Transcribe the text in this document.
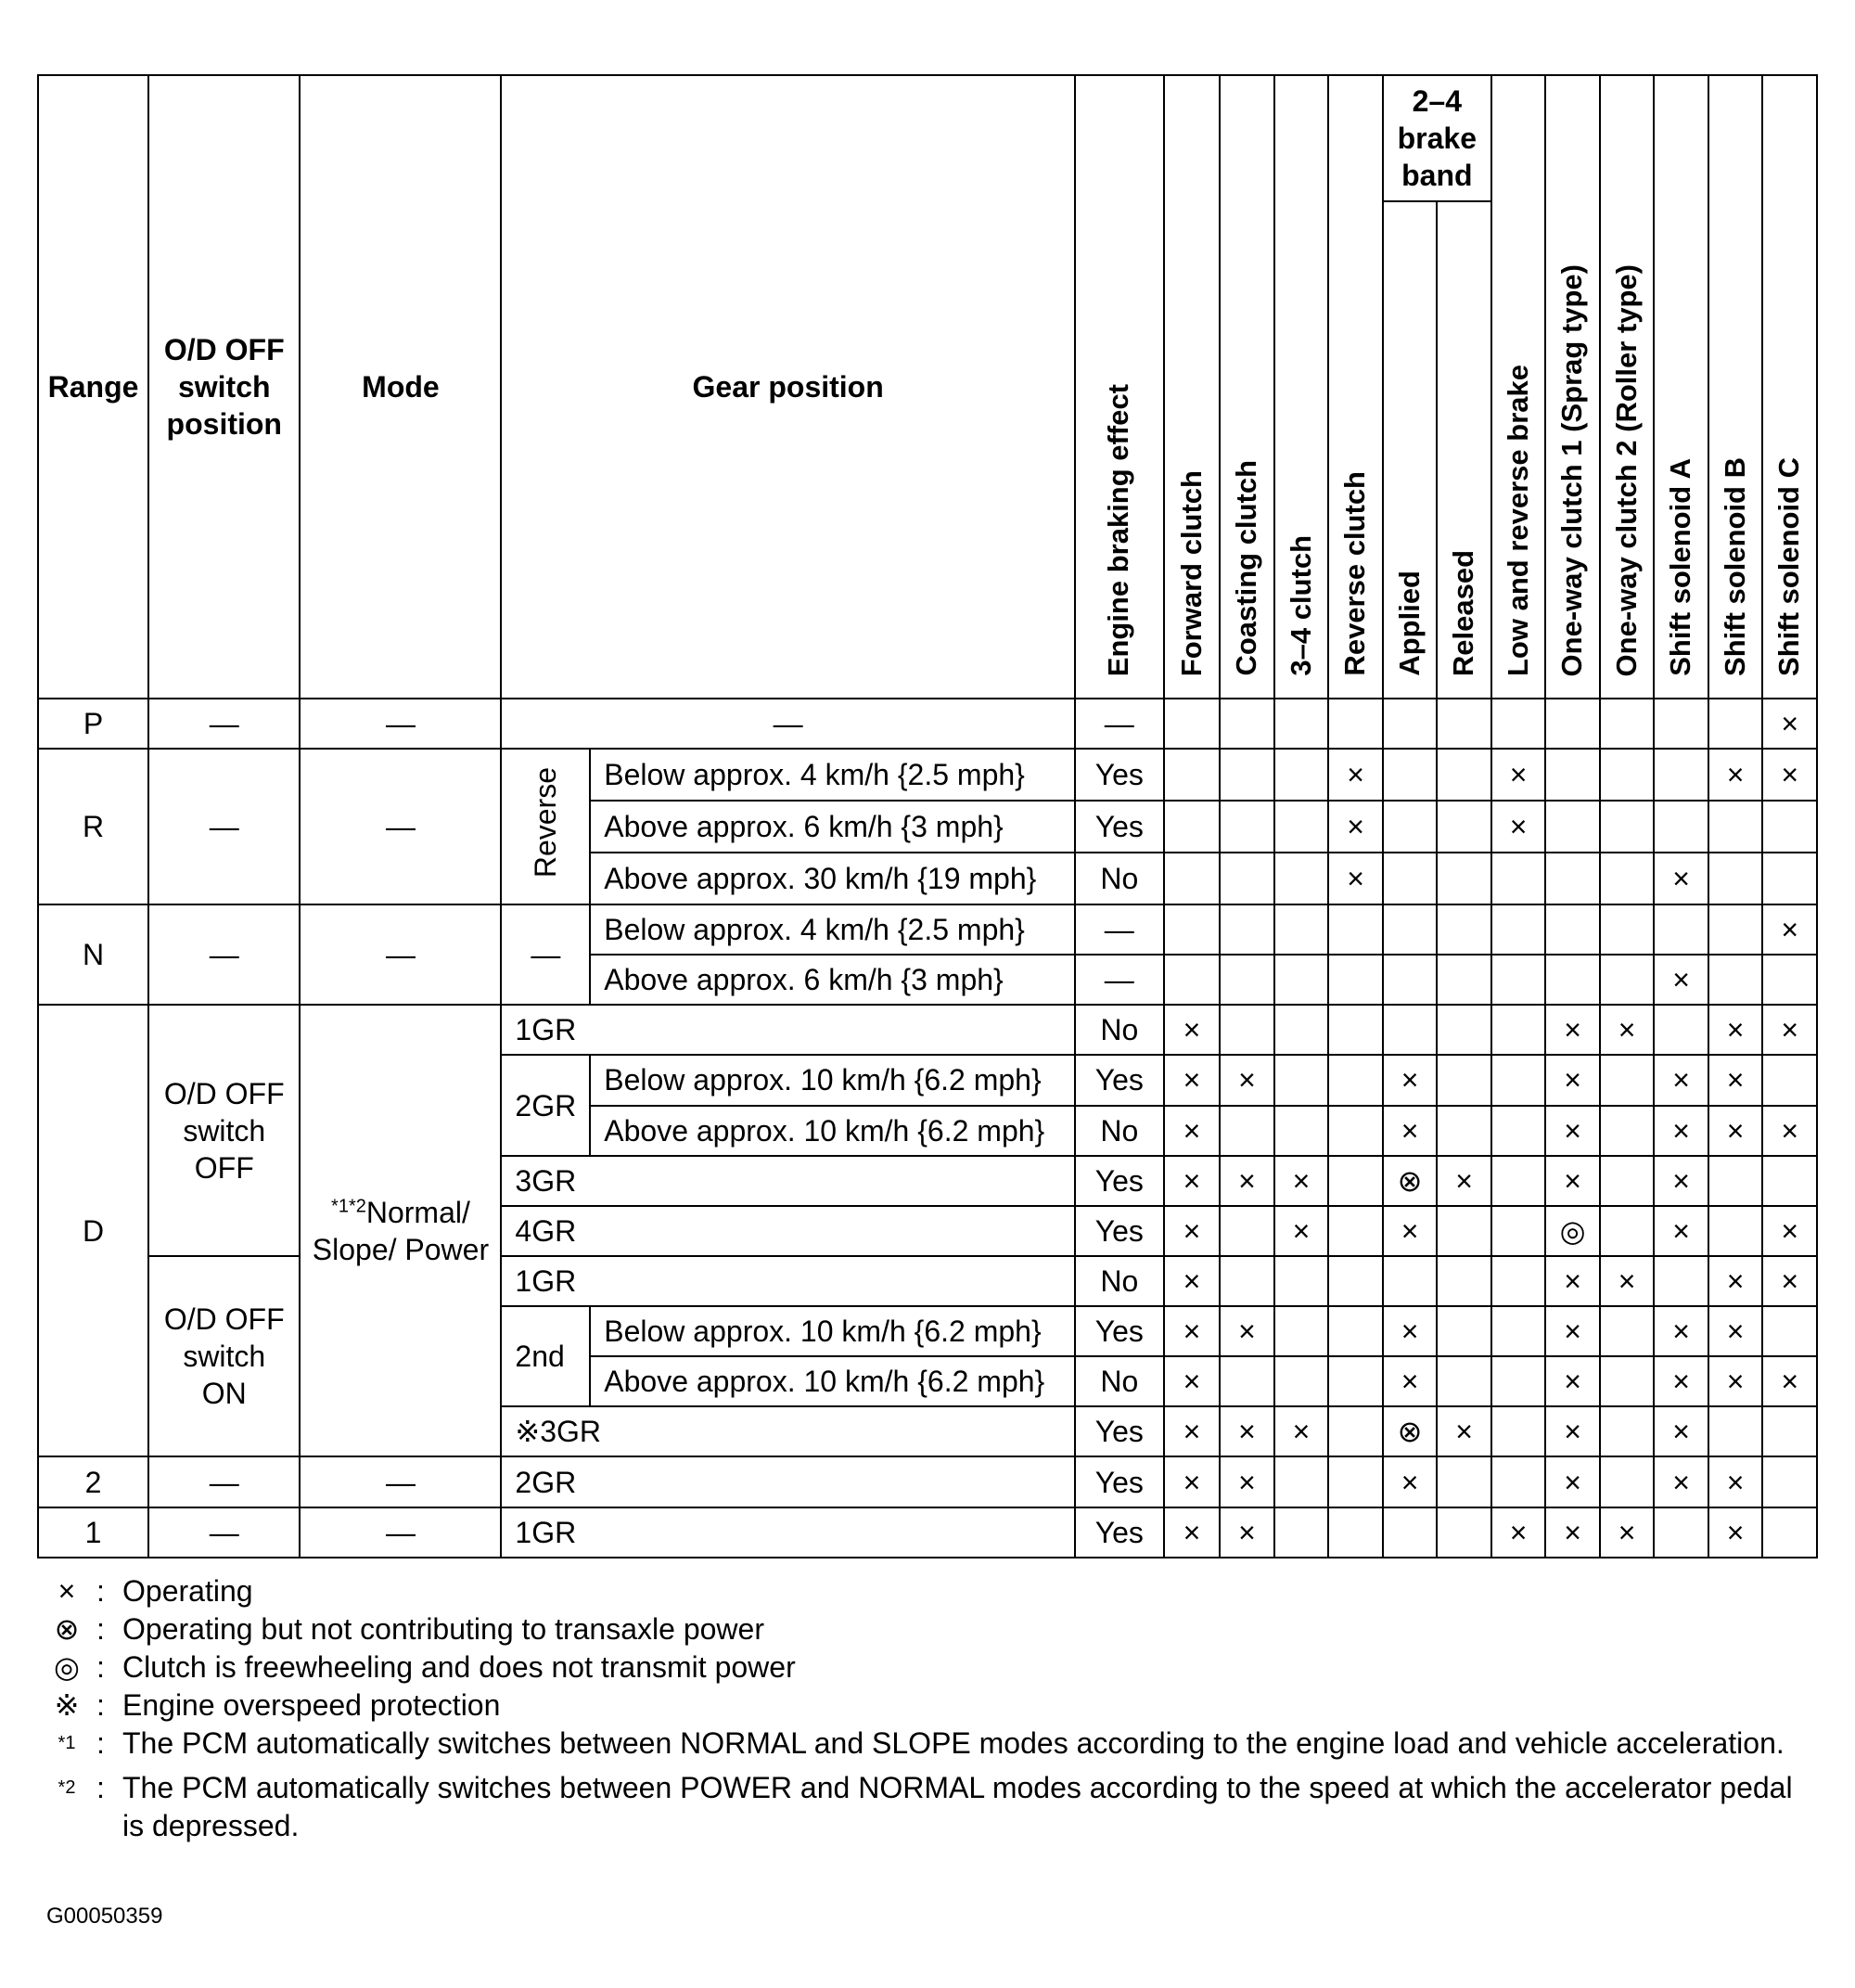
Range	O/D OFF switch position	Mode	Gear position		Engine braking effect	Forward clutch	Coasting clutch	3–4 clutch	Reverse clutch	2–4 brake band		Low and reverse brake	One-way clutch 1 (Sprag type)	One-way clutch 2 (Roller type)	Shift solenoid A	Shift solenoid B	Shift solenoid C
										Applied	Released						
P	—	—	—		—												×
R	—	—	Reverse	Below approx. 4 km/h {2.5 mph}	Yes				×			×				×	×
				Above approx. 6 km/h {3 mph}	Yes				×			×					
				Above approx. 30 km/h {19 mph}	No				×						×		
N	—	—	—	Below approx. 4 km/h {2.5 mph}	—												×
				Above approx. 6 km/h {3 mph}	—										×		
D	O/D OFF switch OFF	$^{*1*2}$Normal/ Slope/ Power	1GR		No	×							×	×		×	×
			2GR	Below approx. 10 km/h {6.2 mph}	Yes	×	×			×			×		×	×	
				Above approx. 10 km/h {6.2 mph}	No	×				×			×		×	×	×
			3GR		Yes	×	×	×		⊗	×		×		×		
			4GR		Yes	×		×		×			◎		×		×
	O/D OFF switch ON		1GR		No	×							×	×		×	×
			2nd	Below approx. 10 km/h {6.2 mph}	Yes	×	×			×			×		×	×	
				Above approx. 10 km/h {6.2 mph}	No	×				×			×		×	×	×
			※3GR		Yes	×	×	×		⊗	×		×		×		
2	—	—	2GR		Yes	×	×			×			×		×	×	
1	—	—	1GR		Yes	×	×					×	×	×		×	
× : Operating
⊗ : Operating but not contributing to transaxle power
◎ : Clutch is freewheeling and does not transmit power
※ : Engine overspeed protection
$^{*1}$ : The PCM automatically switches between NORMAL and SLOPE modes according to the engine load and vehicle acceleration.
$^{*2}$ : The PCM automatically switches between POWER and NORMAL modes according to the speed at which the accelerator pedal is depressed.
G00050359
